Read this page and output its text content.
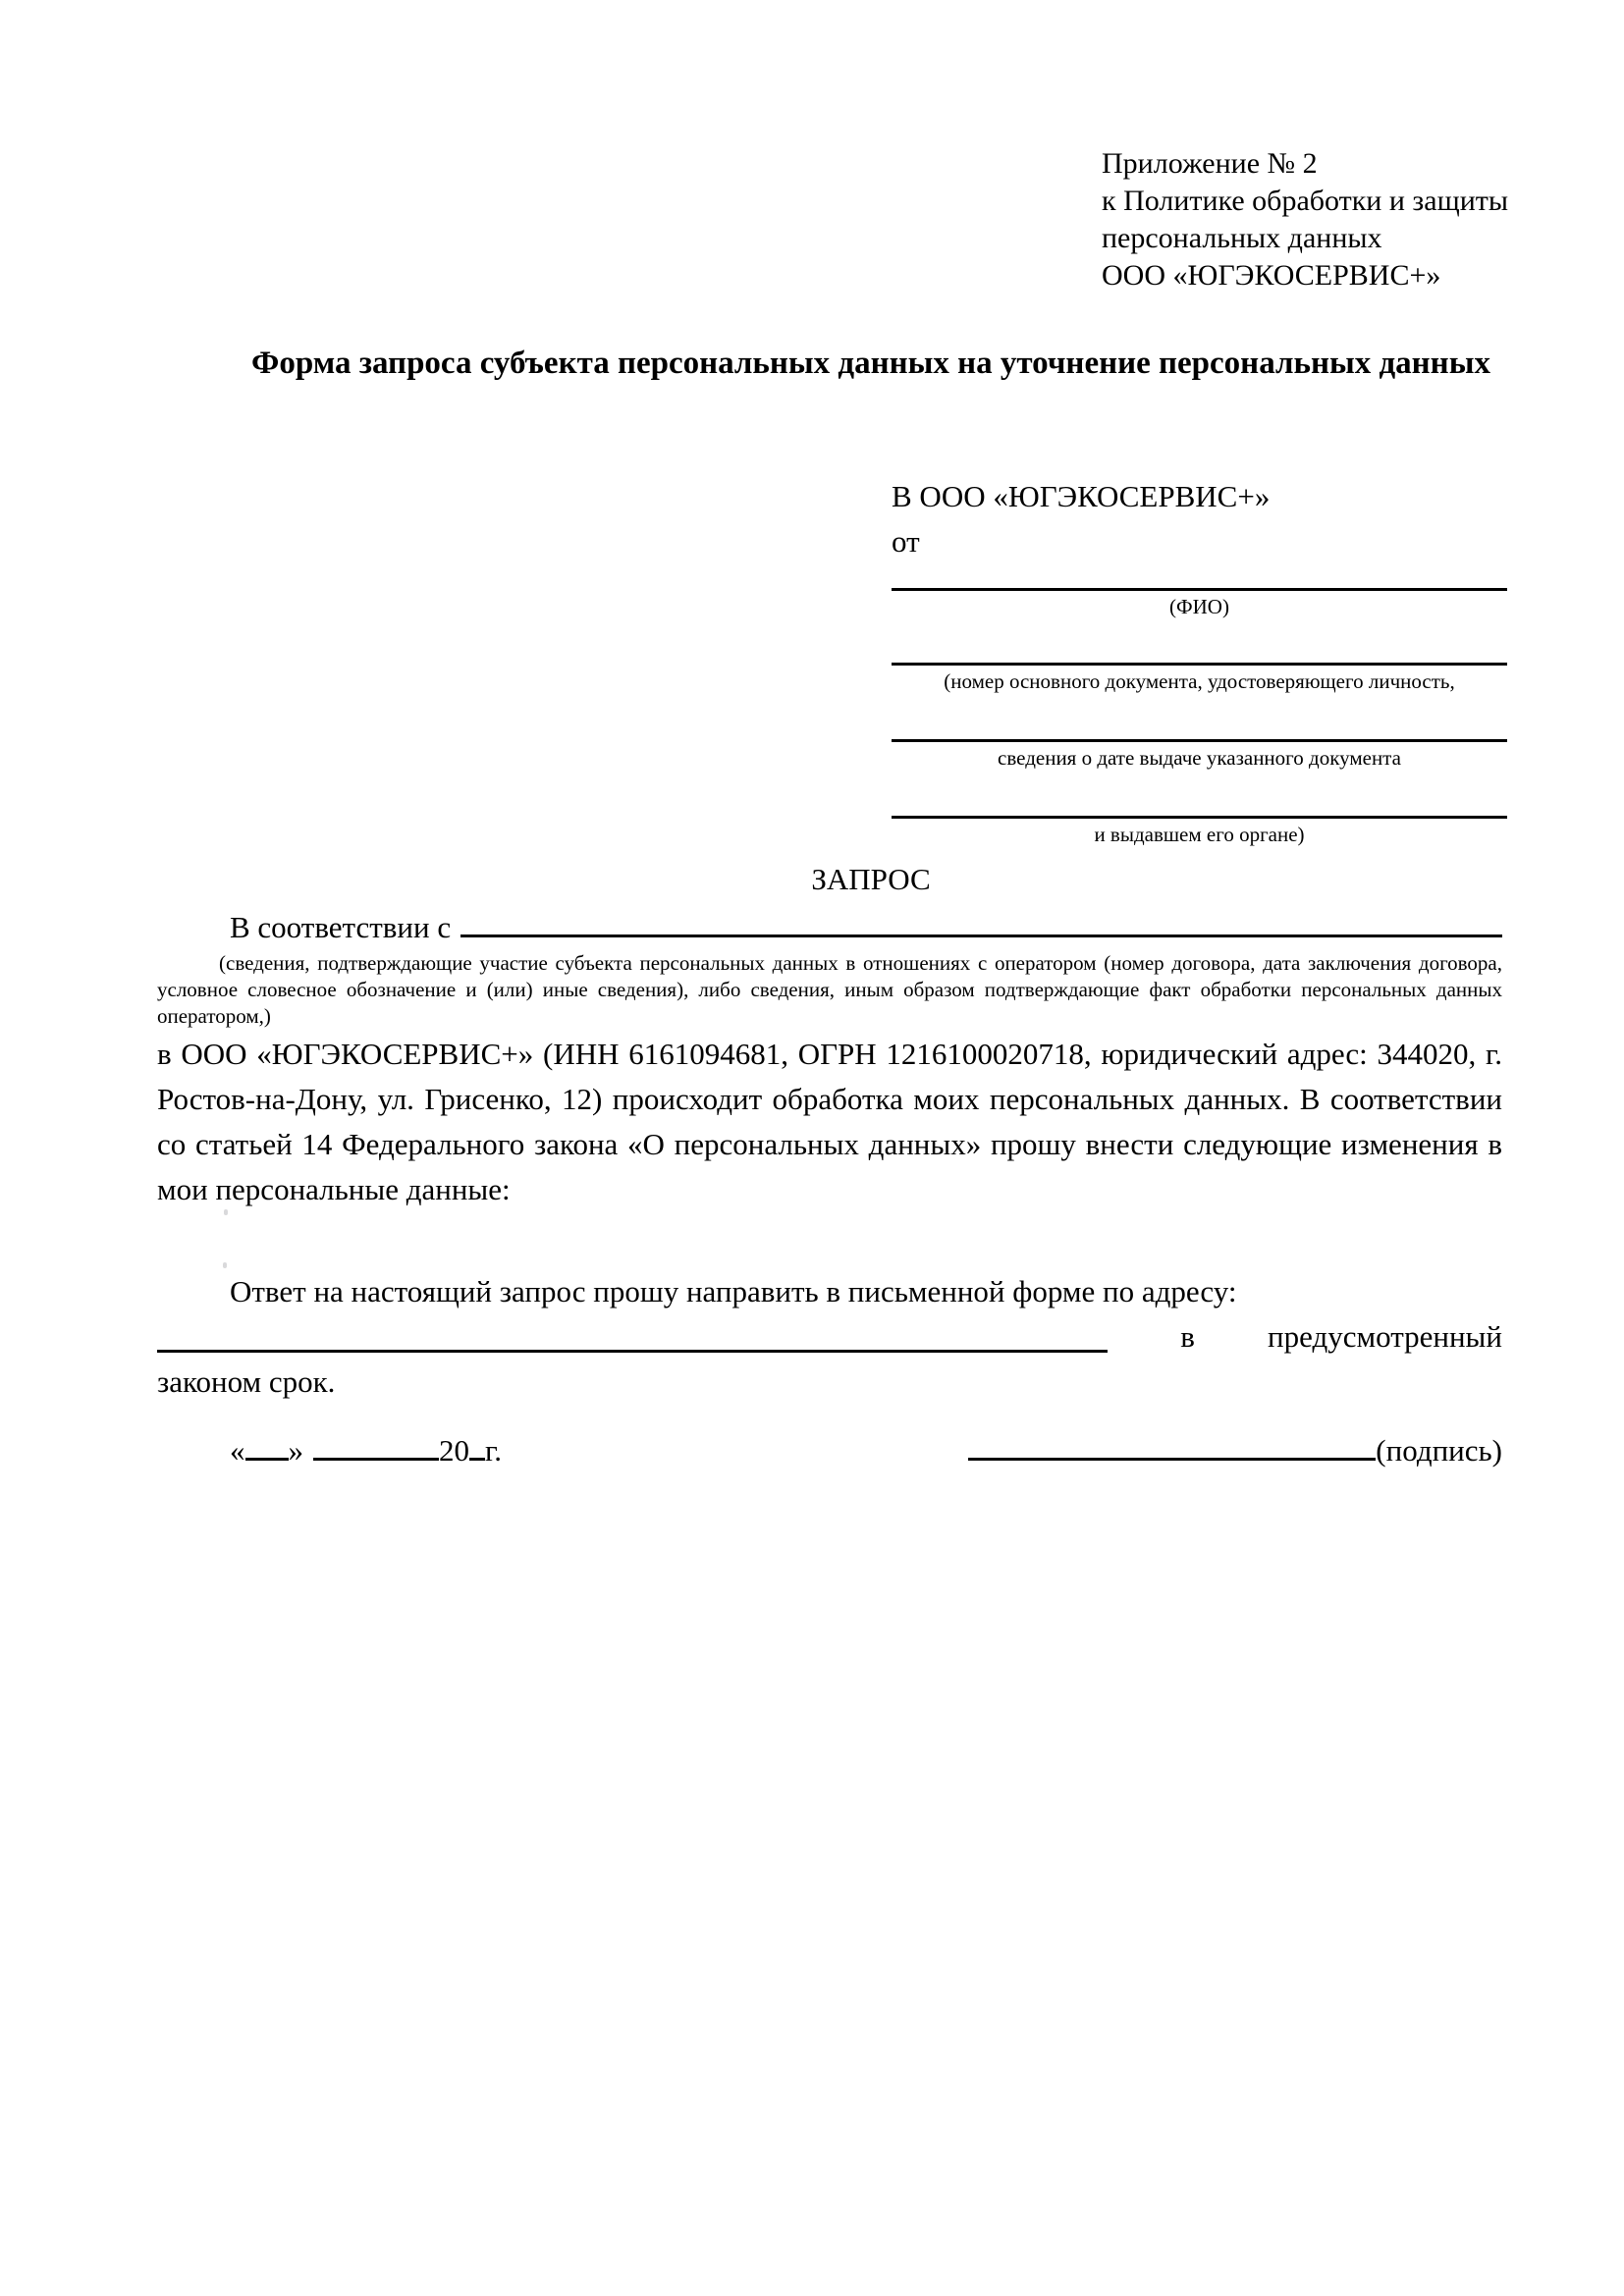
Приложение № 2
к Политике обработки и защиты
персональных данных
ООО «ЮГЭКОСЕРВИС+»
Форма запроса субъекта персональных данных на уточнение персональных данных
В ООО «ЮГЭКОСЕРВИС+»
от
(ФИО)
(номер основного документа, удостоверяющего личность,
сведения о дате выдаче указанного документа
и выдавшем его органе)
ЗАПРОС
В соответствии с
(сведения, подтверждающие участие субъекта персональных данных в отношениях с оператором (номер договора, дата заключения договора, условное словесное обозначение и (или) иные сведения), либо сведения, иным образом подтверждающие факт обработки персональных данных оператором,)
в ООО «ЮГЭКОСЕРВИС+» (ИНН 6161094681, ОГРН 1216100020718, юридический адрес: 344020, г. Ростов-на-Дону, ул. Грисенко, 12) происходит обработка моих персональных данных. В соответствии со статьей 14 Федерального закона «О персональных данных» прошу внести следующие изменения в мои персональные данные:
Ответ на настоящий запрос прошу направить в письменной форме по адресу:
в предусмотренный
законом срок.
« »	20 г.	(подпись)
